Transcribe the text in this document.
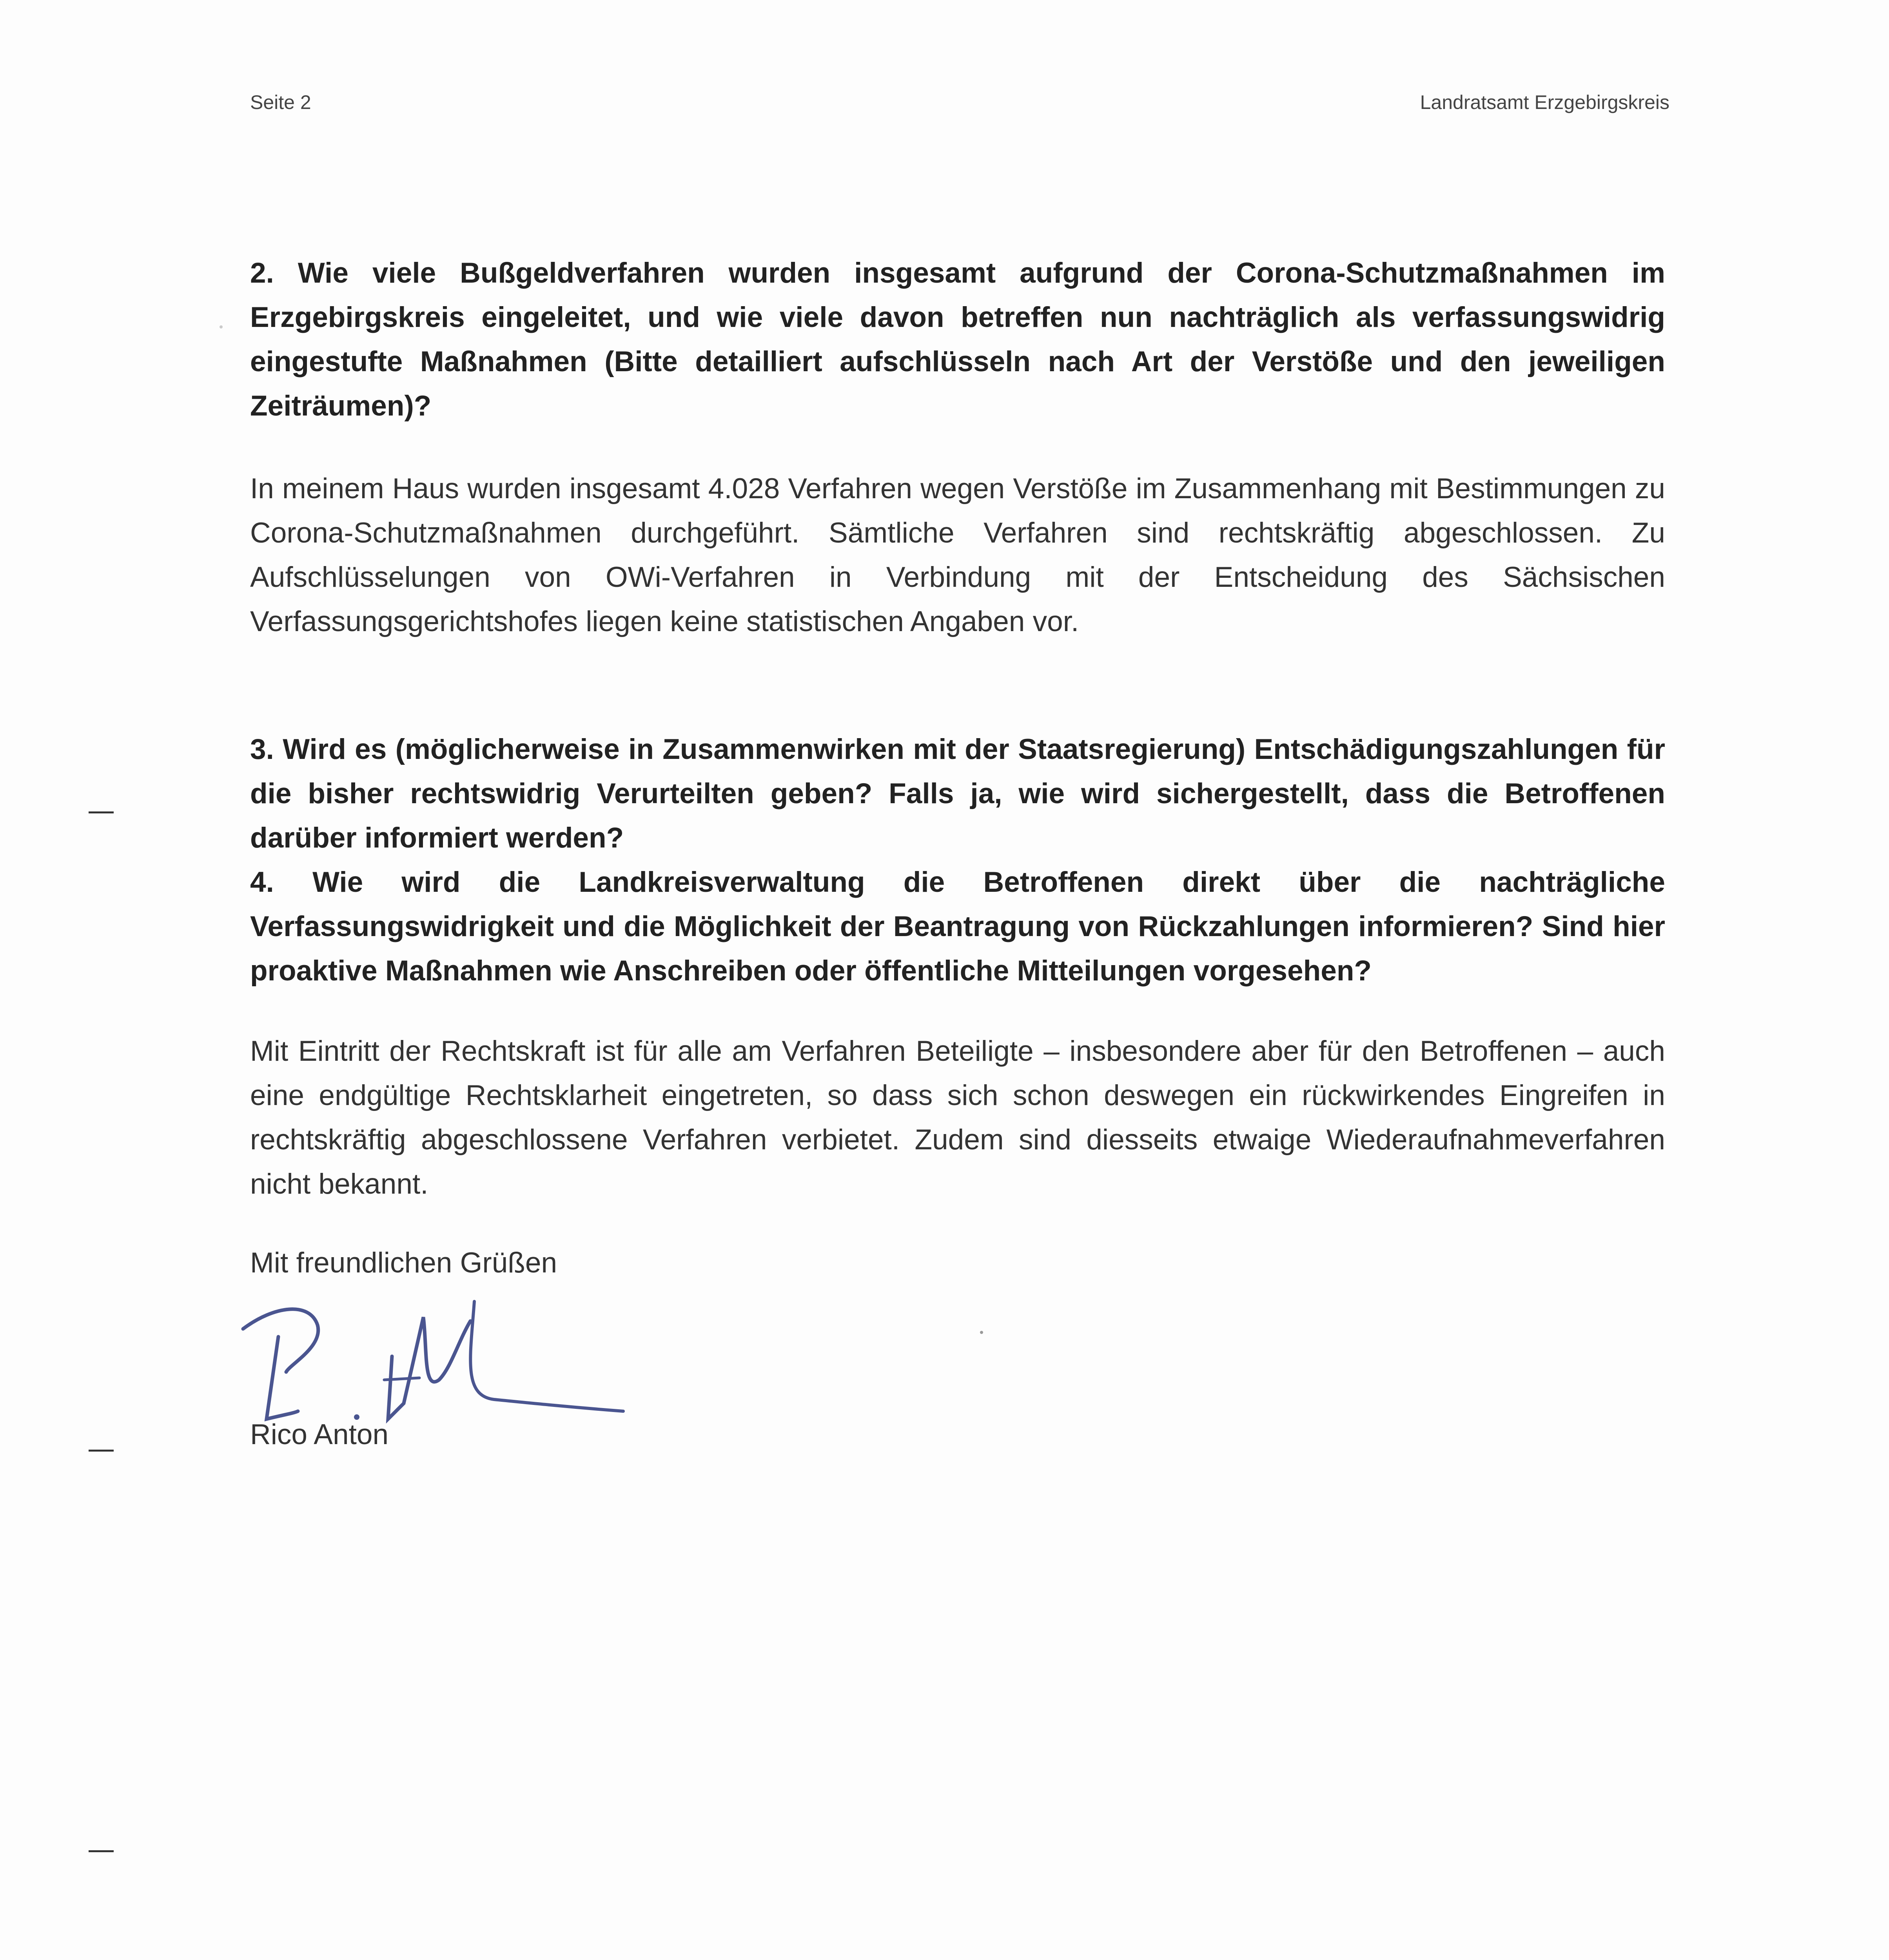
Seite 2	Landratsamt Erzgebirgskreis

2. Wie viele Bußgeldverfahren wurden insgesamt aufgrund der Corona-Schutzmaßnahmen im Erzgebirgskreis eingeleitet, und wie viele davon betreffen nun nachträglich als verfassungswidrig eingestufte Maßnahmen (Bitte detailliert aufschlüsseln nach Art der Verstöße und den jeweiligen Zeiträumen)?

In meinem Haus wurden insgesamt 4.028 Verfahren wegen Verstöße im Zusammenhang mit Bestimmungen zu Corona-Schutzmaßnahmen durchgeführt. Sämtliche Verfahren sind rechtskräftig abgeschlossen. Zu Aufschlüsselungen von OWi-Verfahren in Verbindung mit der Entscheidung des Sächsischen Verfassungsgerichtshofes liegen keine statistischen Angaben vor.

3. Wird es (möglicherweise in Zusammenwirken mit der Staatsregierung) Entschädigungszahlungen für die bisher rechtswidrig Verurteilten geben? Falls ja, wie wird sichergestellt, dass die Betroffenen darüber informiert werden?

4. Wie wird die Landkreisverwaltung die Betroffenen direkt über die nachträgliche Verfassungswidrigkeit und die Möglichkeit der Beantragung von Rückzahlungen informieren? Sind hier proaktive Maßnahmen wie Anschreiben oder öffentliche Mitteilungen vorgesehen?

Mit Eintritt der Rechtskraft ist für alle am Verfahren Beteiligte – insbesondere aber für den Betroffenen – auch eine endgültige Rechtsklarheit eingetreten, so dass sich schon deswegen ein rückwirkendes Eingreifen in rechtskräftig abgeschlossene Verfahren verbietet. Zudem sind diesseits etwaige Wiederaufnahmeverfahren nicht bekannt.

Mit freundlichen Grüßen
Rico Anton
